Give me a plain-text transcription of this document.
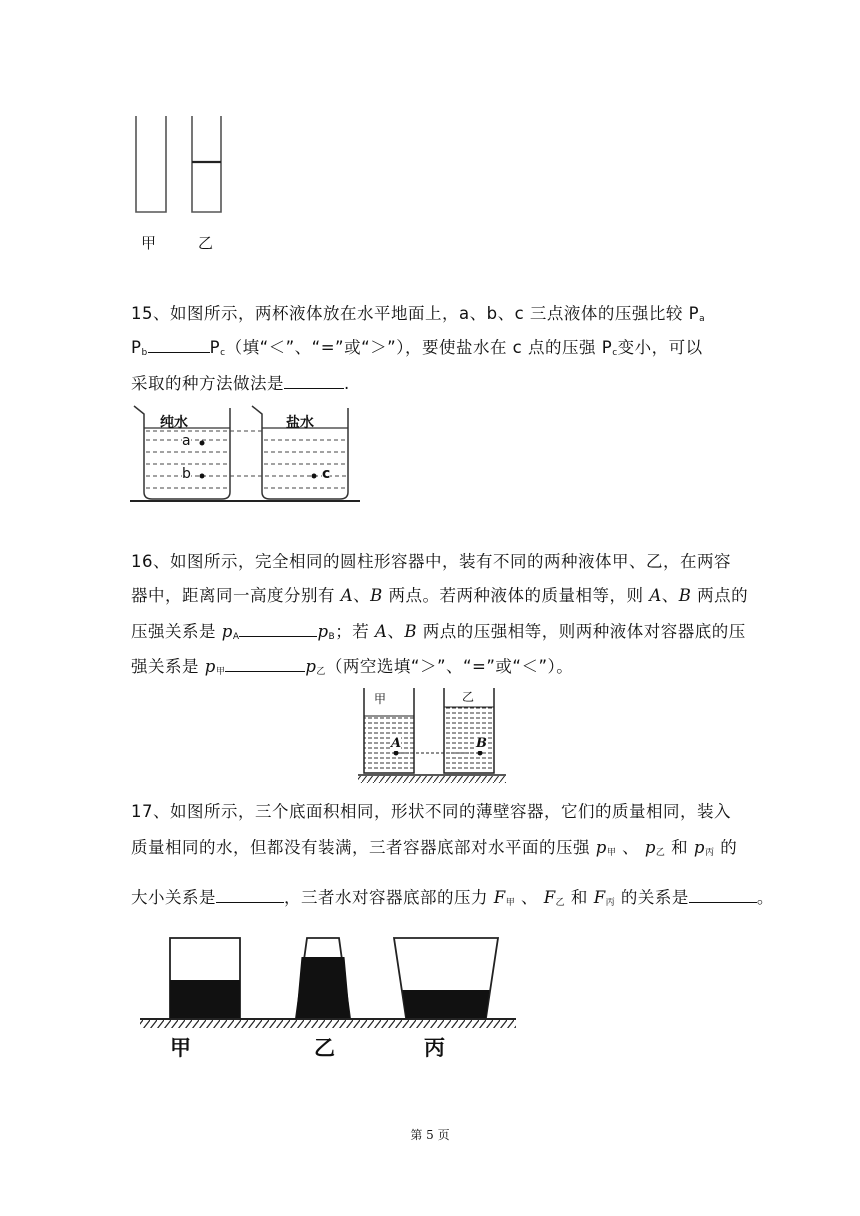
甲	乙
15、如图所示，两杯液体放在水平地面上，a、b、c 三点液体的压强比较 $P_a$
$P_b$	$P_c$（填“＜”、“=”或“＞”），要使盐水在 c 点的压强 $P_c$变小，可以
采取的种方法做法是	.
纯水	盐水
a
b	c
16、如图所示，完全相同的圆柱形容器中，装有不同的两种液体甲、乙，在两容
器中，距离同一高度分别有 A、B 两点。若两种液体的质量相等，则 A、B 两点的
压强关系是 $p_A$	$p_B$；若 A、B 两点的压强相等，则两种液体对容器底的压
强关系是 $p_甲$	$p_乙$（两空选填“＞”、“=”或“＜”）。
甲	乙
A	B
17、如图所示，三个底面积相同，形状不同的薄壁容器，它们的质量相同，装入
质量相同的水，但都没有装满，三者容器底部对水平面的压强 $p_甲$ 、 $p_乙$ 和 $p_丙$ 的
大小关系是	，三者水对容器底部的压力 $F_甲$ 、 $F_乙$ 和 $F_丙$ 的关系是	。
甲	乙	丙
第 5 页
